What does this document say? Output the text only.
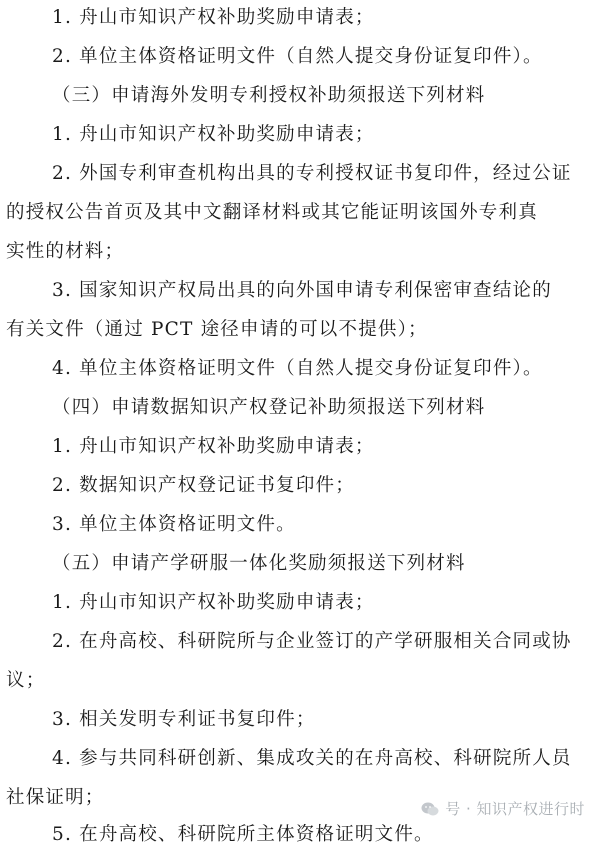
1. 舟山市知识产权补助奖励申请表；
2. 单位主体资格证明文件（自然人提交身份证复印件）。
（三）申请海外发明专利授权补助须报送下列材料
1. 舟山市知识产权补助奖励申请表；
2. 外国专利审查机构出具的专利授权证书复印件，经过公证
的授权公告首页及其中文翻译材料或其它能证明该国外专利真
实性的材料；
3. 国家知识产权局出具的向外国申请专利保密审查结论的
有关文件（通过 PCT 途径申请的可以不提供）；
4. 单位主体资格证明文件（自然人提交身份证复印件）。
（四）申请数据知识产权登记补助须报送下列材料
1. 舟山市知识产权补助奖励申请表；
2. 数据知识产权登记证书复印件；
3. 单位主体资格证明文件。
（五）申请产学研服一体化奖励须报送下列材料
1. 舟山市知识产权补助奖励申请表；
2. 在舟高校、科研院所与企业签订的产学研服相关合同或协
议；
3. 相关发明专利证书复印件；
4. 参与共同科研创新、集成攻关的在舟高校、科研院所人员
社保证明；
5. 在舟高校、科研院所主体资格证明文件。
号 · 知识产权进行时
